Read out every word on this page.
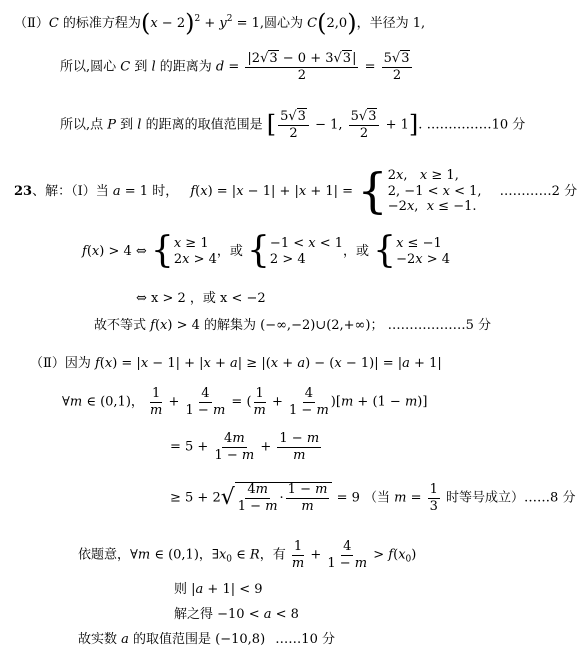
（Ⅱ）C 的标准方程为$(x - 2)^2 + y^2 = 1$,圆心为 C(2,0)，半径为 1,
所以,圆心 C 到 l 的距离为 $d = \frac{|2√3 - 0 + 3√3|}{2} = \frac{5√3}{2}$
所以,点 P 到 l 的距离的取值范围是 [ $\frac{5√3}{2} - 1$, $\frac{5√3}{2} + 1$]. ……………10 分
23、解：（Ⅰ）当 a = 1 时， f(x) = |x − 1| + |x + 1| = { 2x,   x ≥ 1,
2, −1 < x < 1,
−2x,  x ≤ −1.
…………2 分
f(x) > 4 ⇔ { x ≥ 1
2x > 4 ，或 { −1 < x < 1
2 > 4	，或 { x ≤ −1
−2x > 4
⇔ x > 2 ，或 x < −2
故不等式 f(x) > 4 的解集为 (−∞,−2)∪(2,+∞)； ………………5 分
（Ⅱ）因为 f(x) = |x − 1| + |x + a| ≥ |(x + a) − (x − 1)| = |a + 1|
∀m ∈ (0,1)， $\frac{1}{m} + \frac{4}{1 - m}$ = ( $\frac{1}{m} + \frac{4}{1 - m} )[m + (1 - m)]$
= $5 + \frac{4m}{1 - m} + \frac{1 - m}{m}$
≥ $5 + 2√ \frac{4m}{1 - m} \cdot \frac{1 - m}{m} = 9$ （当 $m = \frac{1}{3}$ 时等号成立）……8 分
依题意，∀m ∈ (0,1)，$\exists x_0$ ∈ R，有 $\frac{1}{m} + \frac{4}{1 - m} > f(x_0)$
则 |a + 1| < 9
解之得 −10 < a < 8
故实数 a 的取值范围是 (−10,8) ……10 分
